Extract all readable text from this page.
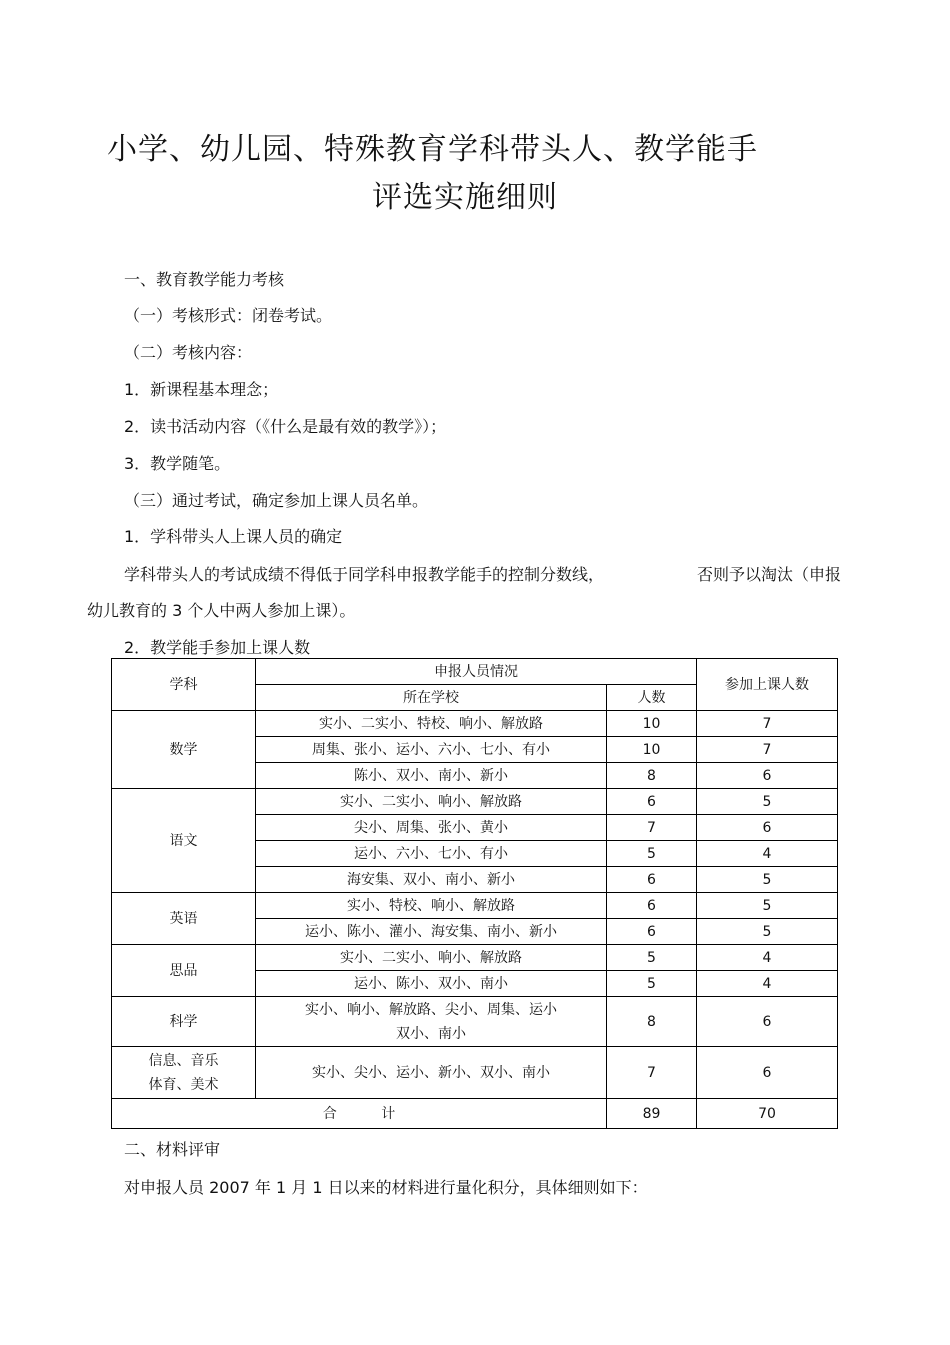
小学、幼儿园、特殊教育学科带头人、教学能手
评选实施细则
一、教育教学能力考核
（一）考核形式：闭卷考试。
（二）考核内容：
1．新课程基本理念；
2．读书活动内容（《什么是最有效的教学》）；
3．教学随笔。
（三）通过考试，确定参加上课人员名单。
1．学科带头人上课人员的确定
学科带头人的考试成绩不得低于同学科申报教学能手的控制分数线，	否则予以淘汰（申报
幼儿教育的 3 个人中两人参加上课）。
2．教学能手参加上课人数
学科	申报人员情况		参加上课人数
	所在学校	人数	
数学	实小、二实小、特校、响小、解放路	10	7
	周集、张小、运小、六小、七小、有小	10	7
	陈小、双小、南小、新小	8	6
语文	实小、二实小、响小、解放路	6	5
	尖小、周集、张小、黄小	7	6
	运小、六小、七小、有小	5	4
	海安集、双小、南小、新小	6	5
英语	实小、特校、响小、解放路	6	5
	运小、陈小、灌小、海安集、南小、新小	6	5
思品	实小、二实小、响小、解放路	5	4
	运小、陈小、双小、南小	5	4
科学	实小、响小、解放路、尖小、周集、运小
双小、南小	8	6
信息、音乐
体育、美术	实小、尖小、运小、新小、双小、南小	7	6
合          计		89	70
二、材料评审
对申报人员 2007 年 1 月 1 日以来的材料进行量化积分，具体细则如下：
